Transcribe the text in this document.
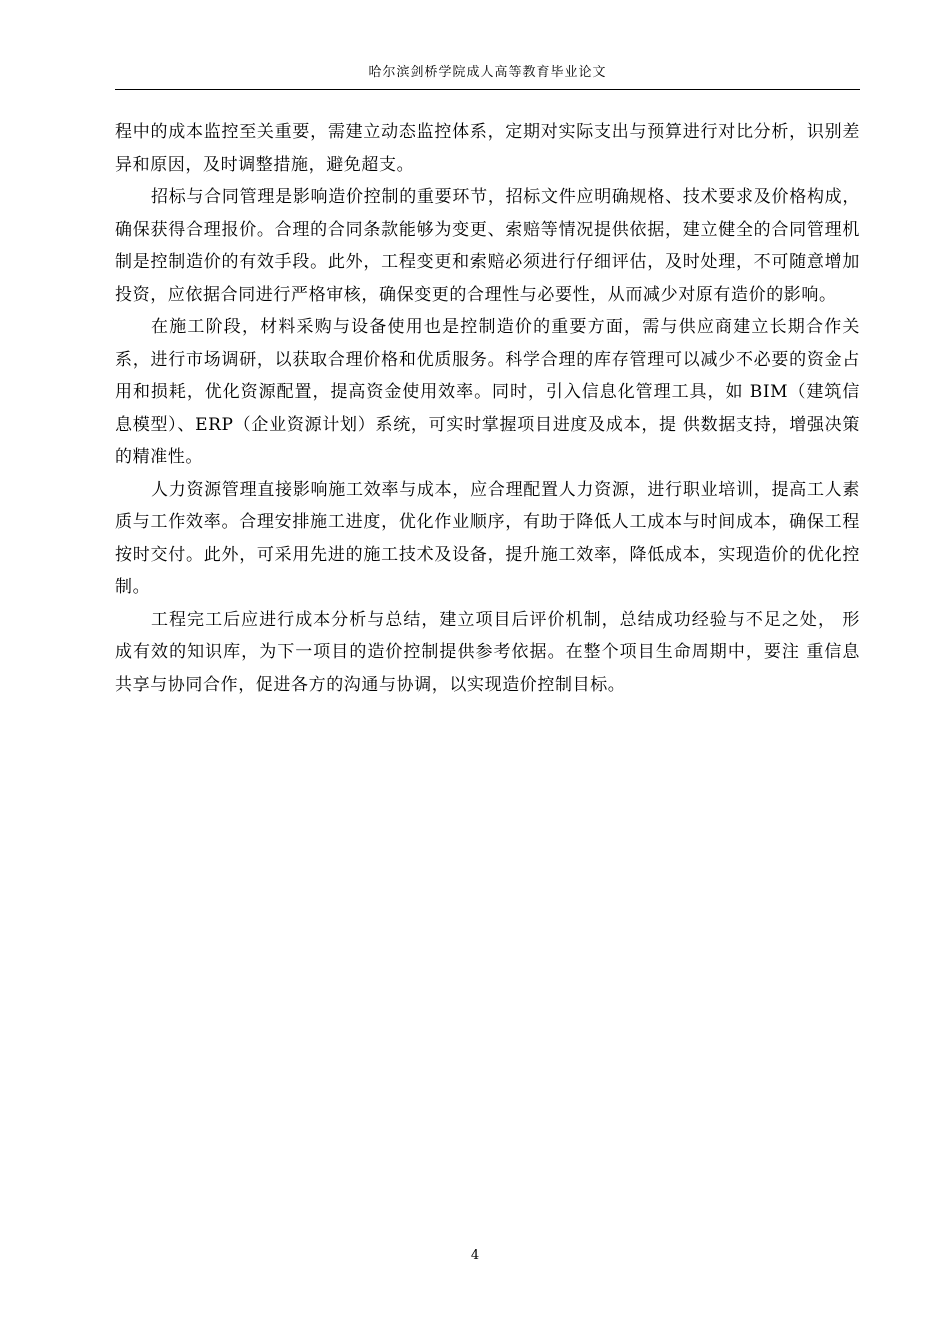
哈尔滨剑桥学院成人高等教育毕业论文

程中的成本监控至关重要，需建立动态监控体系，定期对实际支出与预算进行对比分析，识别差异和原因，及时调整措施，避免超支。

招标与合同管理是影响造价控制的重要环节，招标文件应明确规格、技术要求及价格构成，确保获得合理报价。合理的合同条款能够为变更、索赔等情况提供依据，建立健全的合同管理机制是控制造价的有效手段。此外，工程变更和索赔必须进行仔细评估，及时处理，不可随意增加投资，应依据合同进行严格审核，确保变更的合理性与必要性，从而减少对原有造价的影响。

在施工阶段，材料采购与设备使用也是控制造价的重要方面，需与供应商建立长期合作关系，进行市场调研，以获取合理价格和优质服务。科学合理的库存管理可以减少不必要的资金占用和损耗，优化资源配置，提高资金使用效率。同时，引入信息化管理工具，如 BIM（建筑信息模型）、ERP（企业资源计划）系统，可实时掌握项目进度及成本，提 供数据支持，增强决策的精准性。

人力资源管理直接影响施工效率与成本，应合理配置人力资源，进行职业培训，提高工人素质与工作效率。合理安排施工进度，优化作业顺序，有助于降低人工成本与时间成本，确保工程按时交付。此外，可采用先进的施工技术及设备，提升施工效率，降低成本，实现造价的优化控制。

工程完工后应进行成本分析与总结，建立项目后评价机制，总结成功经验与不足之处， 形成有效的知识库，为下一项目的造价控制提供参考依据。在整个项目生命周期中，要注 重信息共享与协同合作，促进各方的沟通与协调，以实现造价控制目标。

4
